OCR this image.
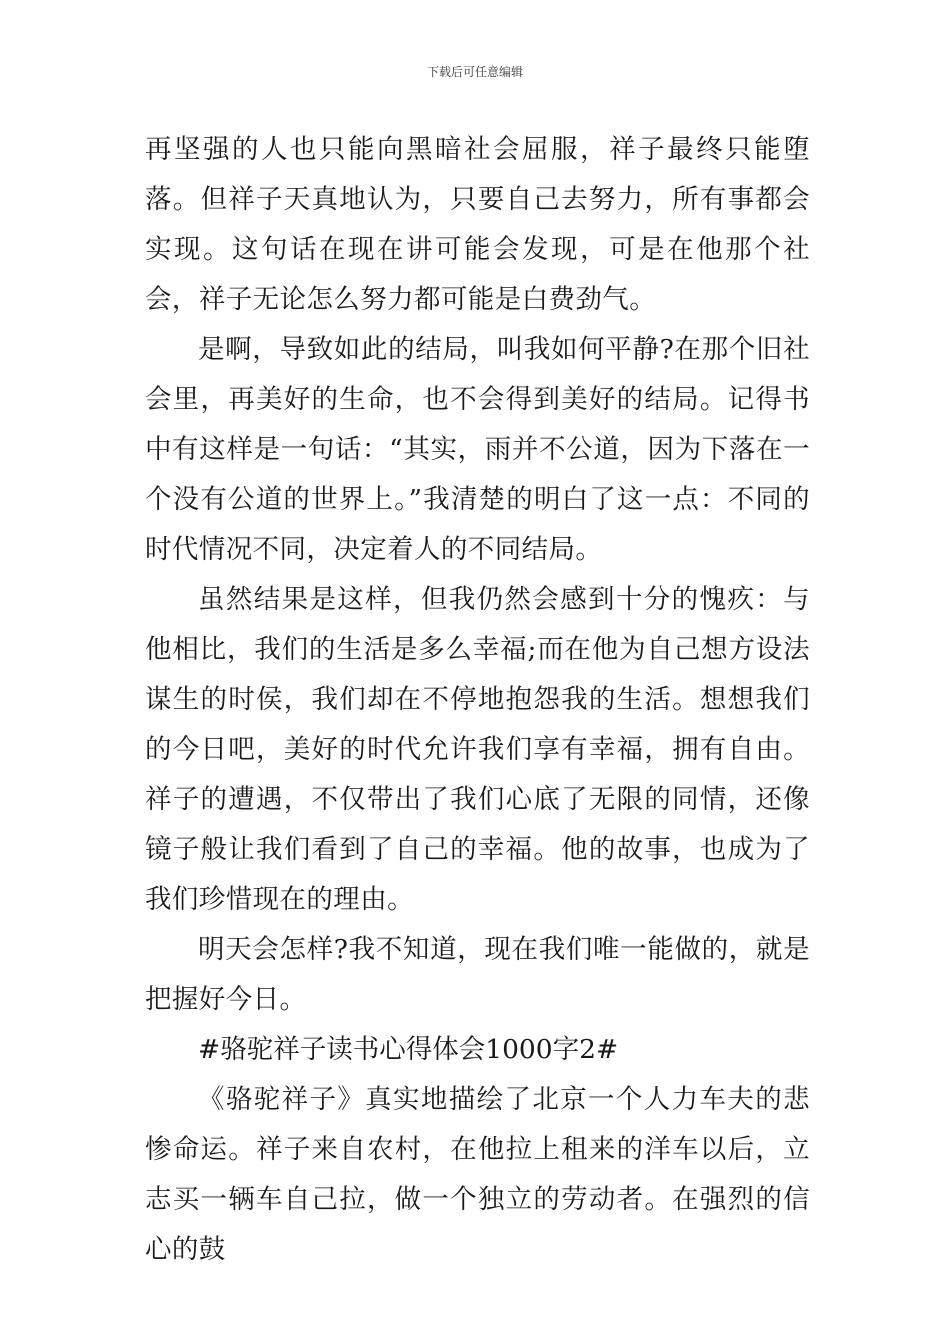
下载后可任意编辑

再坚强的人也只能向黑暗社会屈服，祥子最终只能堕落。但祥子天真地认为，只要自己去努力，所有事都会实现。这句话在现在讲可能会发现，可是在他那个社会，祥子无论怎么努力都可能是白费劲气。

是啊，导致如此的结局，叫我如何平静?在那个旧社会里，再美好的生命，也不会得到美好的结局。记得书中有这样是一句话：“其实，雨并不公道，因为下落在一个没有公道的世界上。”我清楚的明白了这一点：不同的时代情况不同，决定着人的不同结局。

虽然结果是这样，但我仍然会感到十分的愧疚：与他相比，我们的生活是多么幸福;而在他为自己想方设法谋生的时侯，我们却在不停地抱怨我的生活。想想我们的今日吧，美好的时代允许我们享有幸福，拥有自由。祥子的遭遇，不仅带出了我们心底了无限的同情，还像镜子般让我们看到了自己的幸福。他的故事，也成为了我们珍惜现在的理由。

明天会怎样?我不知道，现在我们唯一能做的，就是把握好今日。

#骆驼祥子读书心得体会1000字2#

《骆驼祥子》真实地描绘了北京一个人力车夫的悲惨命运。祥子来自农村，在他拉上租来的洋车以后，立志买一辆车自己拉，做一个独立的劳动者。在强烈的信心的鼓
